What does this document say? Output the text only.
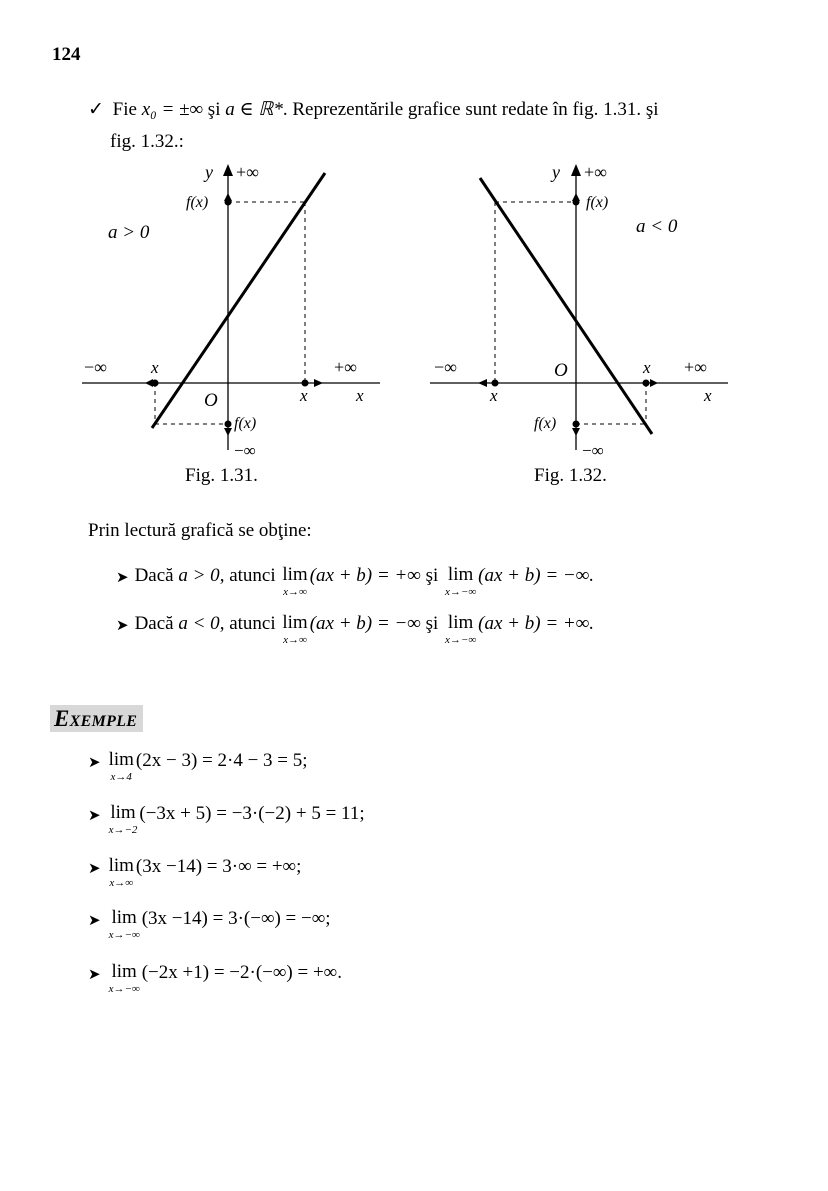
124
✓ Fie x₀ = ±∞ şi a ∈ ℝ*. Reprezentările grafice sunt redate în fig. 1.31. şi
fig. 1.32.:
y +∞
f(x)
a > 0
−∞	x	+∞
O	x	x
f(x)
−∞
Fig. 1.31.
y +∞
f(x)
a < 0
−∞	O	x +∞
x	x
f(x)
−∞
Fig. 1.32.
Prin lectură grafică se obţine:
➤ Dacă
a > 0 , atunci
lim
x→∞
(ax + b) = +∞
şi
lim
x→−∞
(ax + b) = −∞.
➤ Dacă
a < 0 , atunci
lim
x→∞
(ax + b) = −∞
şi
lim
x→−∞
(ax + b) = +∞.
EXEMPLE
➤ lim
x→4
(2x − 3) = 2·4 − 3 = 5;
➤ lim
x→−2
(−3x + 5) = −3·(−2) + 5 = 11;
➤ lim
x→∞
(3x −14) = 3·∞ = +∞;
➤ lim
x→−∞
(3x −14) = 3·(−∞) = −∞;
➤ lim
x→−∞
(−2x +1) = −2·(−∞) = +∞.
